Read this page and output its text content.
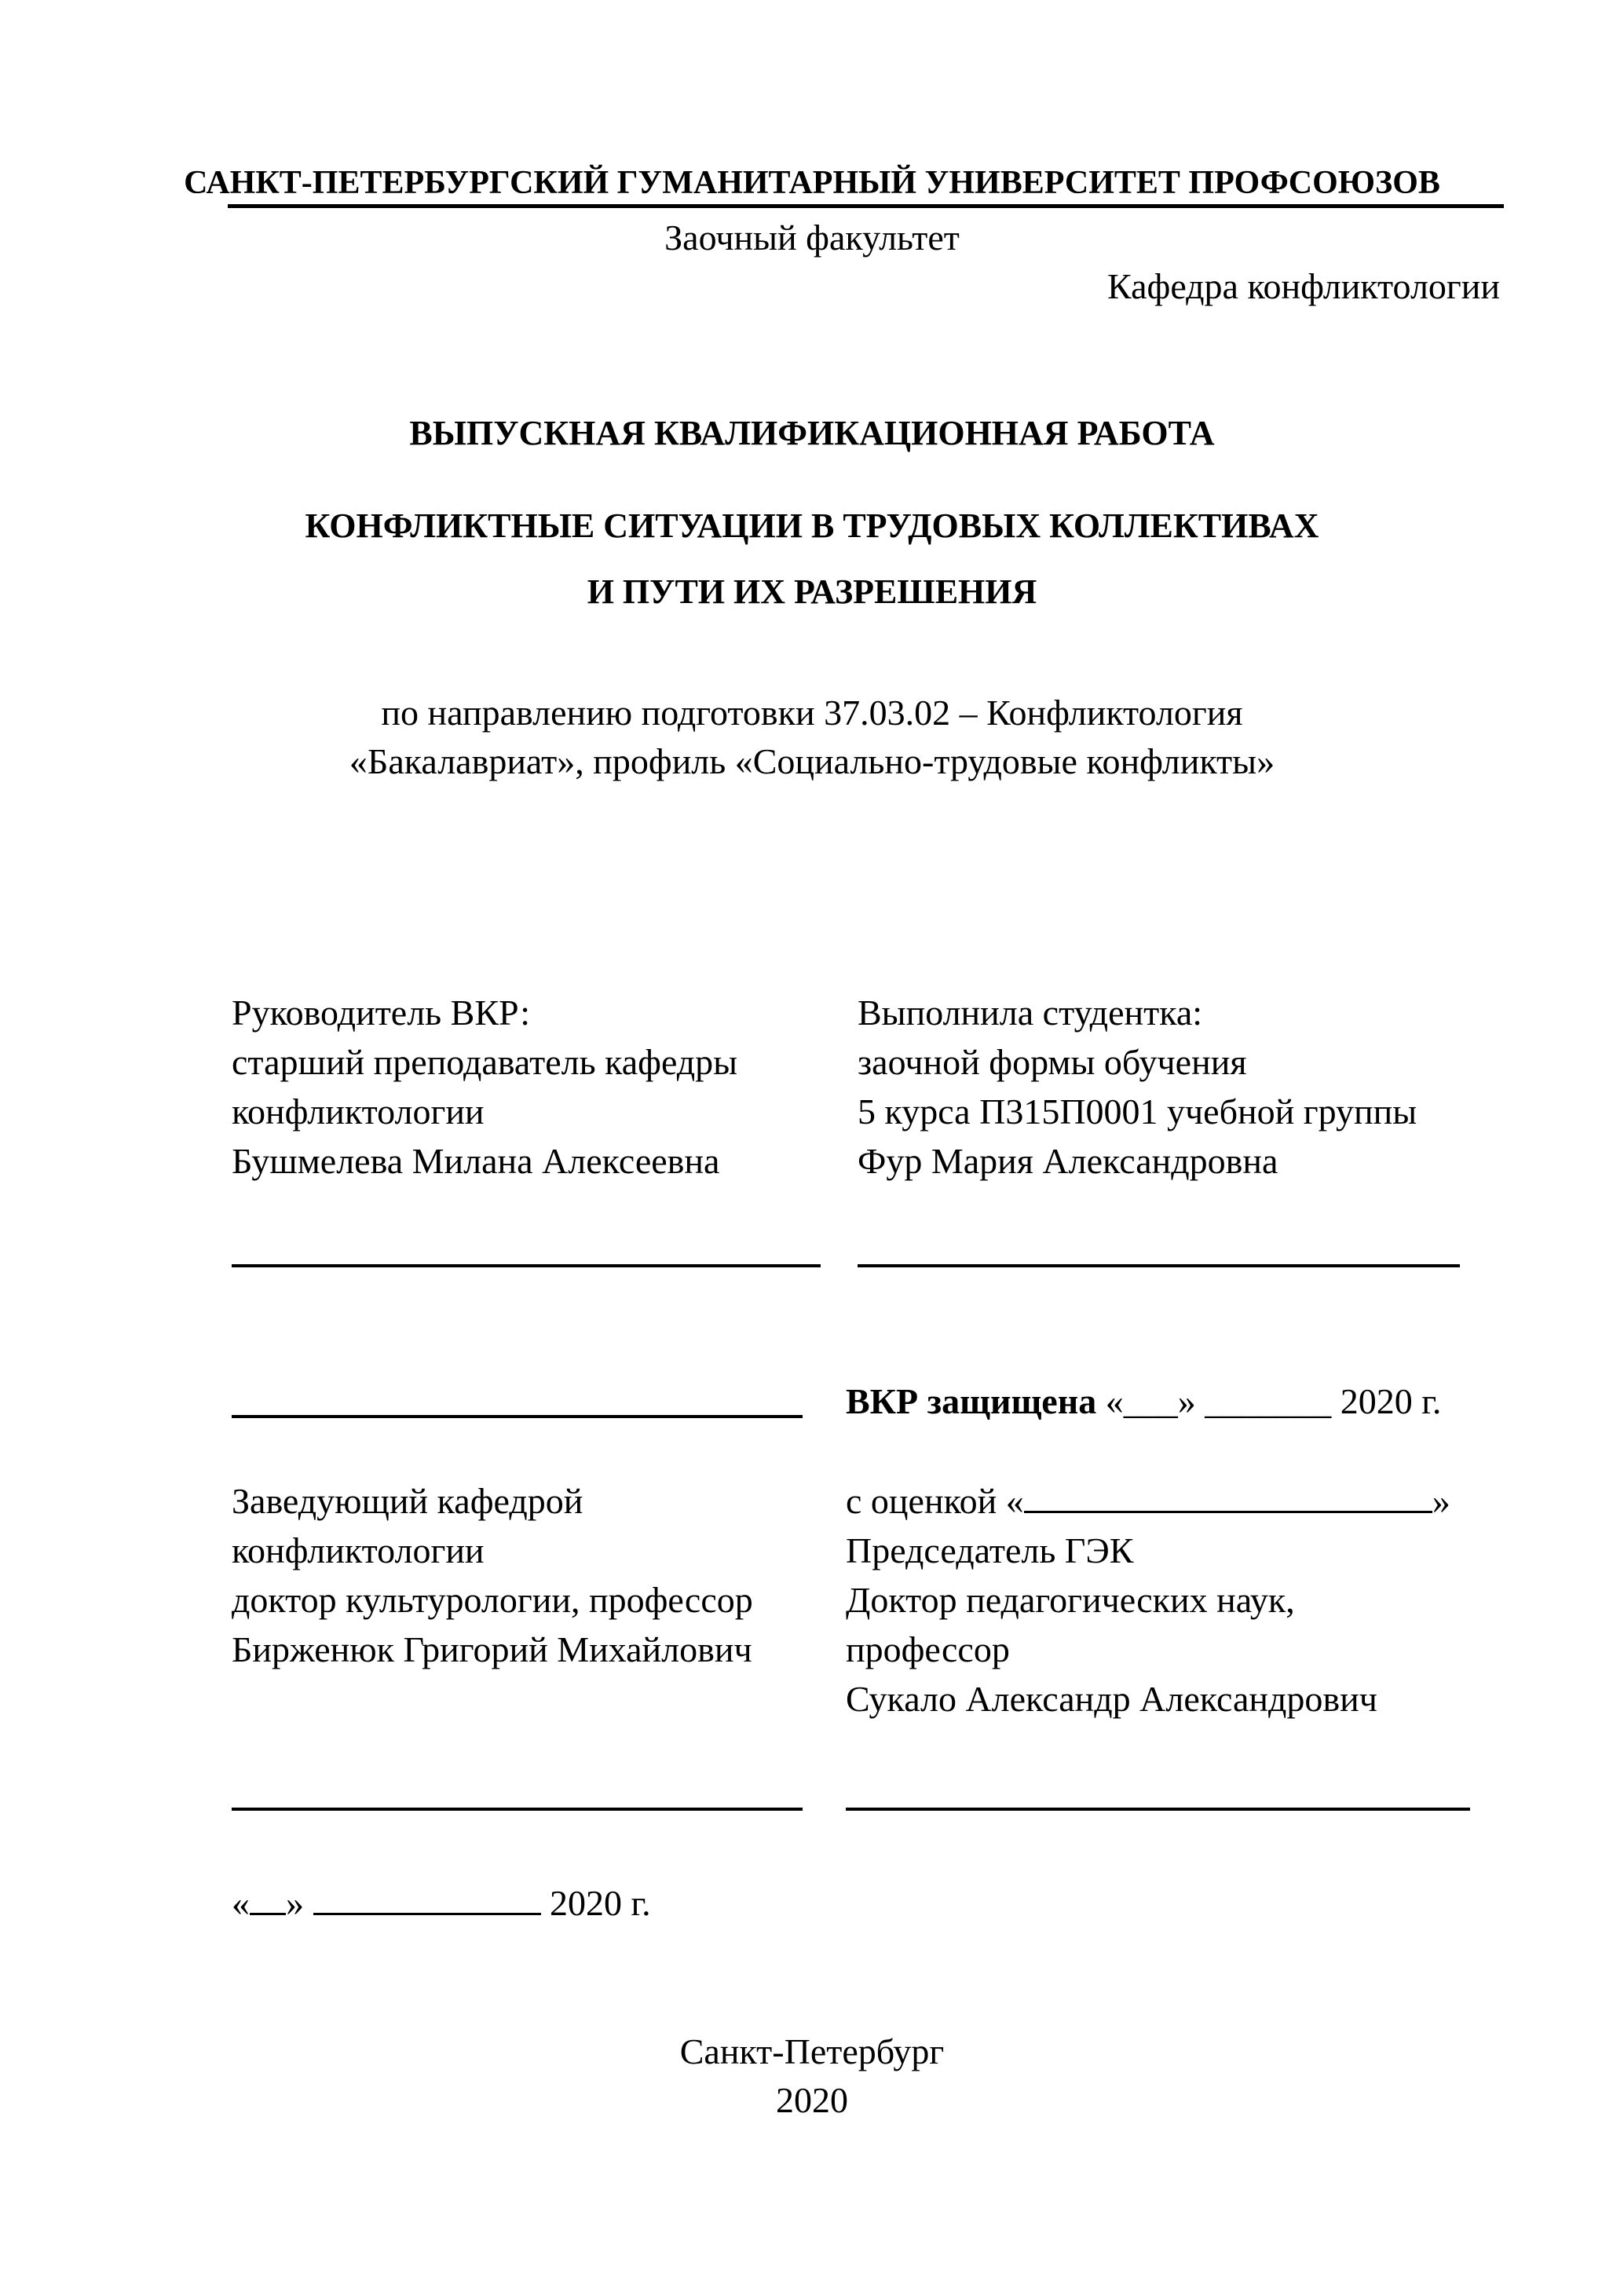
САНКТ-ПЕТЕРБУРГСКИЙ ГУМАНИТАРНЫЙ УНИВЕРСИТЕТ ПРОФСОЮЗОВ
Заочный факультет
Кафедра конфликтологии
ВЫПУСКНАЯ КВАЛИФИКАЦИОННАЯ РАБОТА
КОНФЛИКТНЫЕ СИТУАЦИИ В ТРУДОВЫХ КОЛЛЕКТИВАХ
И ПУТИ ИХ РАЗРЕШЕНИЯ
по направлению подготовки 37.03.02 – Конфликтология
«Бакалавриат», профиль «Социально-трудовые конфликты»
Руководитель ВКР:
старший преподаватель кафедры
конфликтологии
Бушмелева Милана Алексеевна
Выполнила студентка:
заочной формы обучения
5 курса П315П0001 учебной группы
Фур Мария Александровна
ВКР защищена «___» _______ 2020 г.
Заведующий кафедрой
конфликтологии
доктор культурологии, профессор
Бирженюк Григорий Михайлович
с оценкой «	»
Председатель ГЭК
Доктор педагогических наук,
профессор
Сукало Александр Александрович
« »	2020 г.
Санкт-Петербург
2020
